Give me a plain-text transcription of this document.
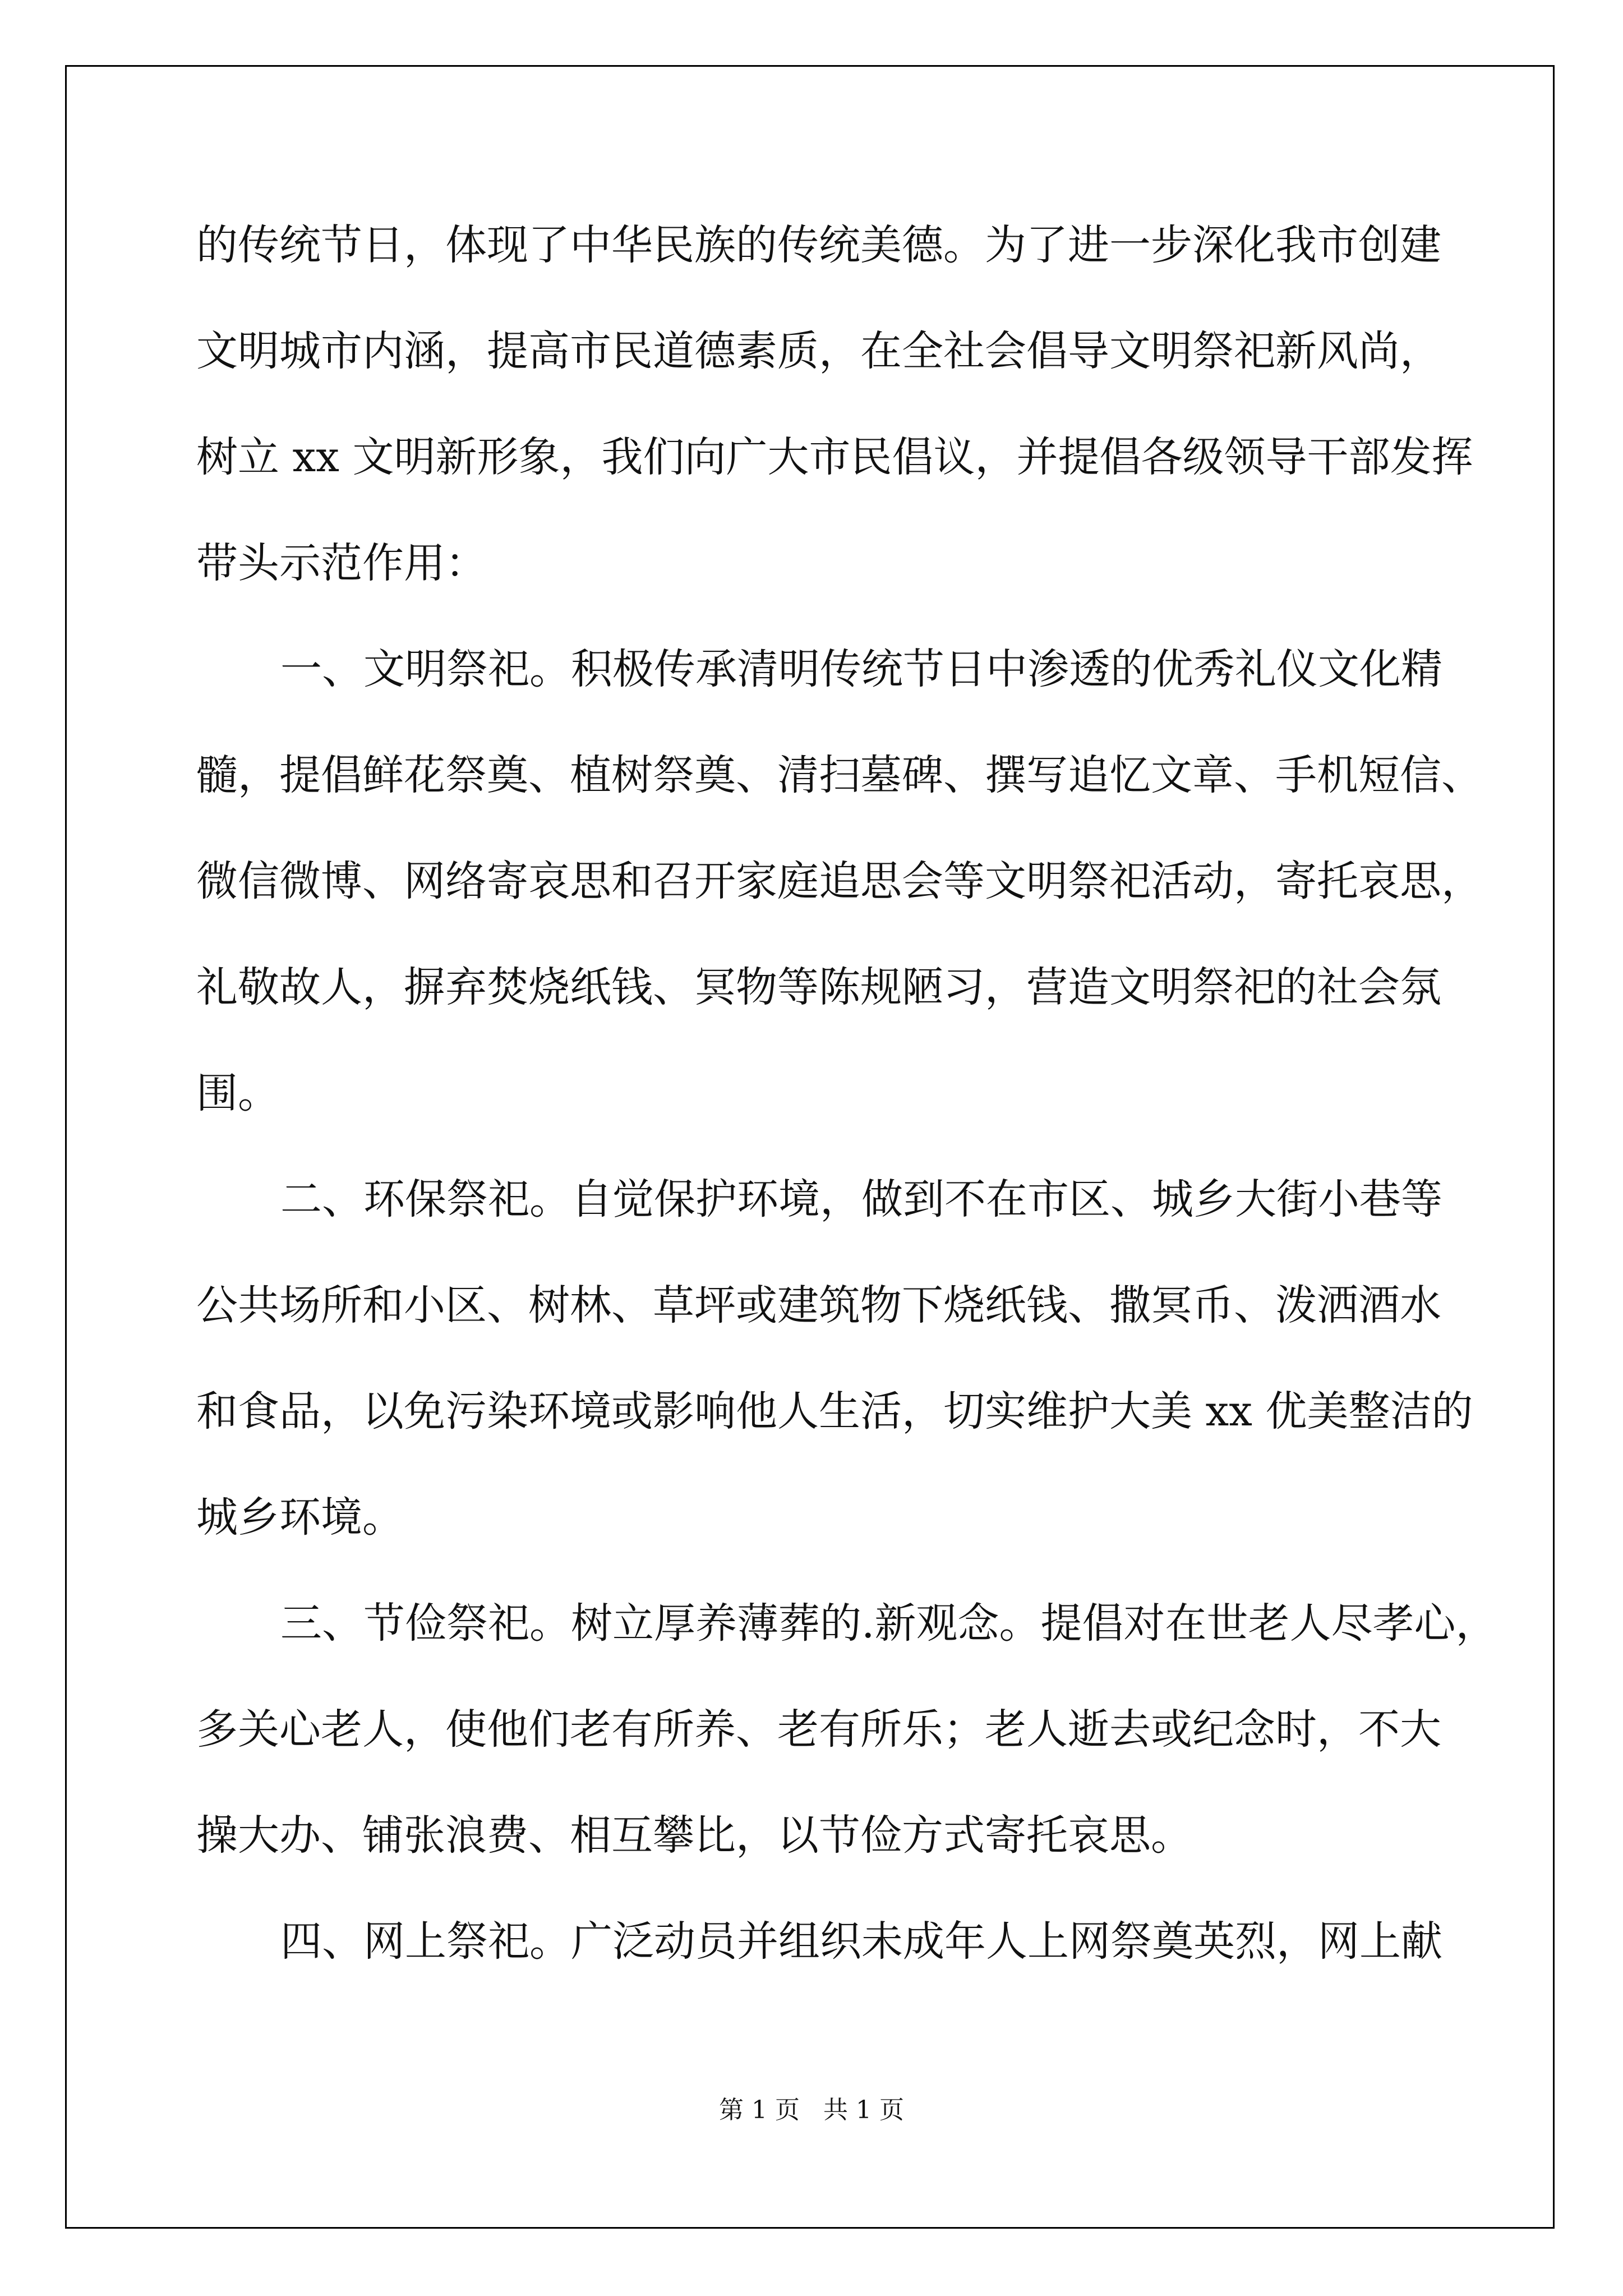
的传统节日，体现了中华民族的传统美德。为了进一步深化我市创建

文明城市内涵，提高市民道德素质，在全社会倡导文明祭祀新风尚，

树立 xx 文明新形象，我们向广大市民倡议，并提倡各级领导干部发挥

带头示范作用：

一、文明祭祀。积极传承清明传统节日中渗透的优秀礼仪文化精

髓，提倡鲜花祭奠、植树祭奠、清扫墓碑、撰写追忆文章、手机短信、

微信微博、网络寄哀思和召开家庭追思会等文明祭祀活动，寄托哀思，

礼敬故人，摒弃焚烧纸钱、冥物等陈规陋习，营造文明祭祀的社会氛

围。

二、环保祭祀。自觉保护环境，做到不在市区、城乡大街小巷等

公共场所和小区、树林、草坪或建筑物下烧纸钱、撒冥币、泼洒酒水

和食品，以免污染环境或影响他人生活，切实维护大美 xx 优美整洁的

城乡环境。

三、节俭祭祀。树立厚养薄葬的.新观念。提倡对在世老人尽孝心，

多关心老人，使他们老有所养、老有所乐；老人逝去或纪念时，不大

操大办、铺张浪费、相互攀比，以节俭方式寄托哀思。

四、网上祭祀。广泛动员并组织未成年人上网祭奠英烈，网上献

第 1 页 共 1 页
